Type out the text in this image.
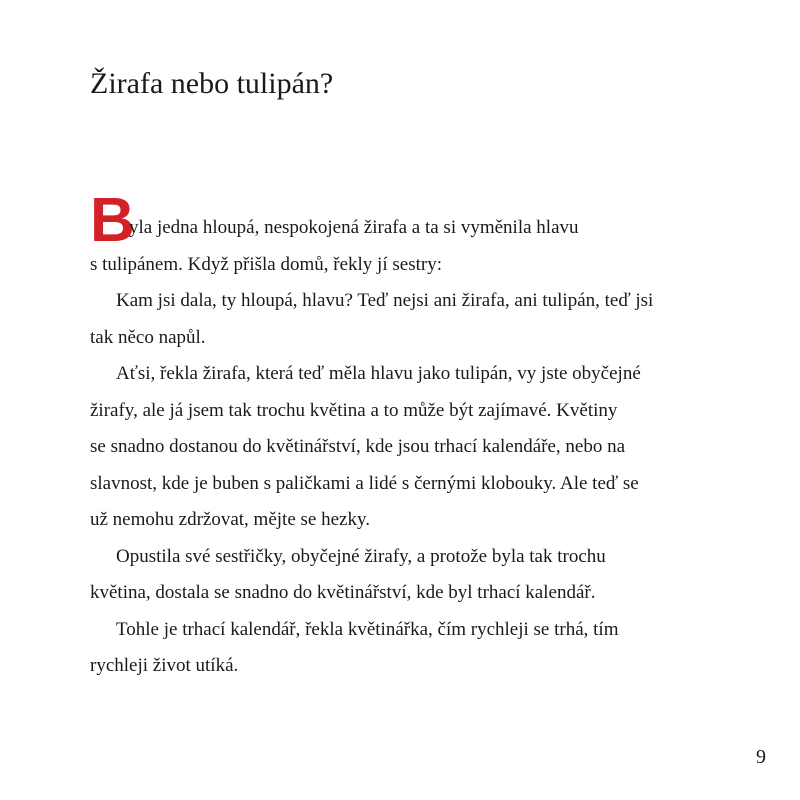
Žirafa nebo tulipán?
B

yla jedna hloupá, nespokojená žirafa a ta si vyměnila hlavu

s tulipánem. Když přišla domů, řekly jí sestry:

Kam jsi dala, ty hloupá, hlavu? Teď nejsi ani žirafa, ani tulipán, teď jsi

tak něco napůl.

Aťsi, řekla žirafa, která teď měla hlavu jako tulipán, vy jste obyčejné

žirafy, ale já jsem tak trochu květina a to může být zajímavé. Květiny

se snadno dostanou do květinářství, kde jsou trhací kalendáře, nebo na

slavnost, kde je buben s paličkami a lidé s černými klobouky. Ale teď se

už nemohu zdržovat, mějte se hezky.

Opustila své sestřičky, obyčejné žirafy, a protože byla tak trochu

květina, dostala se snadno do květinářství, kde byl trhací kalendář.

Tohle je trhací kalendář, řekla květinářka, čím rychleji se trhá, tím

rychleji život utíká.

9
